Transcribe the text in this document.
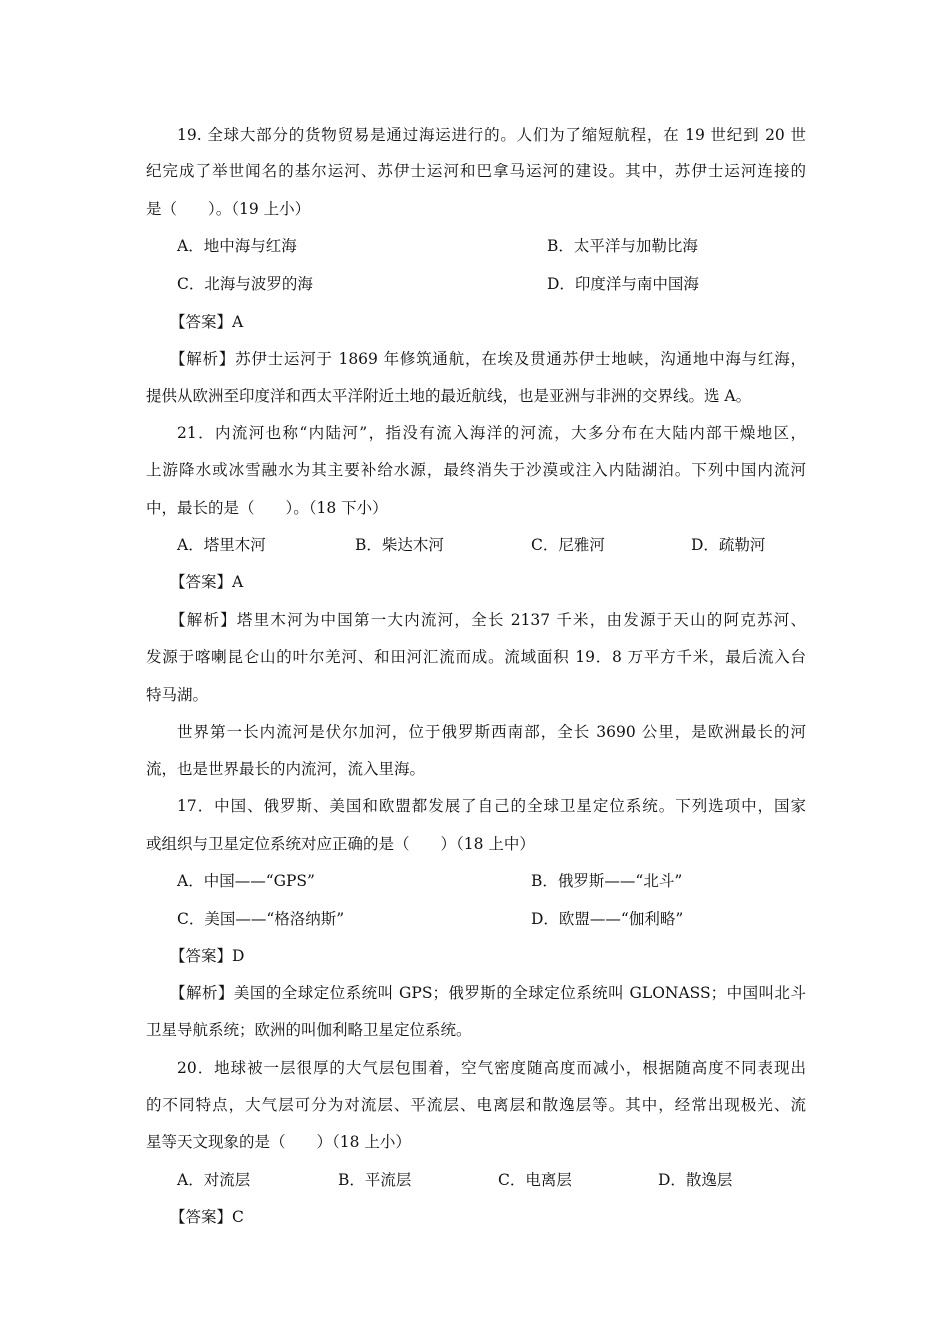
19. 全球大部分的货物贸易是通过海运进行的。人们为了缩短航程，在 19 世纪到 20 世
纪完成了举世闻名的基尔运河、苏伊士运河和巴拿马运河的建设。其中，苏伊士运河连接的
是（　　）。（19 上小）
A．地中海与红海	B．太平洋与加勒比海
C．北海与波罗的海	D．印度洋与南中国海
【答案】A
【解析】苏伊士运河于 1869 年修筑通航，在埃及贯通苏伊士地峡，沟通地中海与红海，
提供从欧洲至印度洋和西太平洋附近土地的最近航线，也是亚洲与非洲的交界线。选 A。
21．内流河也称“内陆河”，指没有流入海洋的河流，大多分布在大陆内部干燥地区，
上游降水或冰雪融水为其主要补给水源，最终消失于沙漠或注入内陆湖泊。下列中国内流河
中，最长的是（　　）。（18 下小）
A．塔里木河	B．柴达木河	C．尼雅河	D．疏勒河
【答案】A
【解析】塔里木河为中国第一大内流河，全长 2137 千米，由发源于天山的阿克苏河、
发源于喀喇昆仑山的叶尔羌河、和田河汇流而成。流域面积 19．8 万平方千米，最后流入台
特马湖。
世界第一长内流河是伏尔加河，位于俄罗斯西南部，全长 3690 公里，是欧洲最长的河
流，也是世界最长的内流河，流入里海。
17．中国、俄罗斯、美国和欧盟都发展了自己的全球卫星定位系统。下列选项中，国家
或组织与卫星定位系统对应正确的是（　　）（18 上中）
A．中国——“GPS”	B．俄罗斯——“北斗”
C．美国——“格洛纳斯”	D．欧盟——“伽利略”
【答案】D
【解析】美国的全球定位系统叫 GPS；俄罗斯的全球定位系统叫 GLONASS；中国叫北斗
卫星导航系统；欧洲的叫伽利略卫星定位系统。
20．地球被一层很厚的大气层包围着，空气密度随高度而减小，根据随高度不同表现出
的不同特点，大气层可分为对流层、平流层、电离层和散逸层等。其中，经常出现极光、流
星等天文现象的是（　　）（18 上小）
A．对流层	B．平流层	C．电离层	D．散逸层
【答案】C
